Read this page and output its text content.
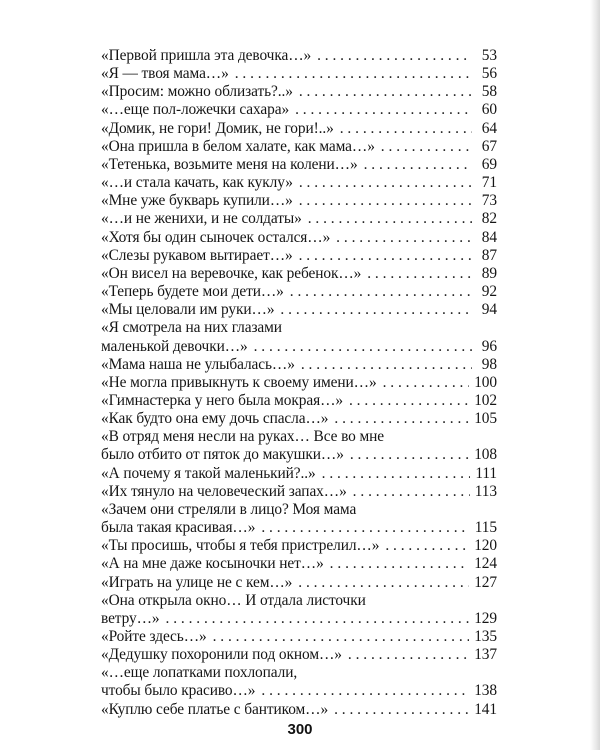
«Первой пришла эта девочка…» . . .	53
«Я — твоя мама…» . . .	56
«Просим: можно облизать?..» . . .	58
«…еще пол-ложечки сахара» . . .	60
«Домик, не гори! Домик, не гори!..» . . .	64
«Она пришла в белом халате, как мама…» . . .	67
«Тетенька, возьмите меня на колени…» . . .	69
«…и стала качать, как куклу» . . .	71
«Мне уже букварь купили…» . . .	73
«…и не женихи, и не солдаты» . . .	82
«Хотя бы один сыночек остался…» . . .	84
«Слезы рукавом вытирает…» . . .	87
«Он висел на веревочке, как ребенок…» . . .	89
«Теперь будете мои дети…» . . .	92
«Мы целовали им руки…» . . .	94
«Я смотрела на них глазами
маленькой девочки…» . . .	96
«Мама наша не улыбалась…» . . .	98
«Не могла привыкнуть к своему имени…» . . .	100
«Гимнастерка у него была мокрая…» . . .	102
«Как будто она ему дочь спасла…» . . .	105
«В отряд меня несли на руках… Все во мне
было отбито от пяток до макушки…» . . .	108
«А почему я такой маленький?..» . . .	111
«Их тянуло на человеческий запах…» . . .	113
«Зачем они стреляли в лицо? Моя мама
была такая красивая…» . . .	115
«Ты просишь, чтобы я тебя пристрелил…» . . .	120
«А на мне даже косыночки нет…» . . .	124
«Играть на улице не с кем…» . . .	127
«Она открыла окно… И отдала листочки
ветру…» . . .	129
«Ройте здесь…» . . .	135
«Дедушку похоронили под окном…» . . .	137
«…еще лопатками похлопали,
чтобы было красиво…» . . .	138
«Куплю себе платье с бантиком…» . . .	141
300
